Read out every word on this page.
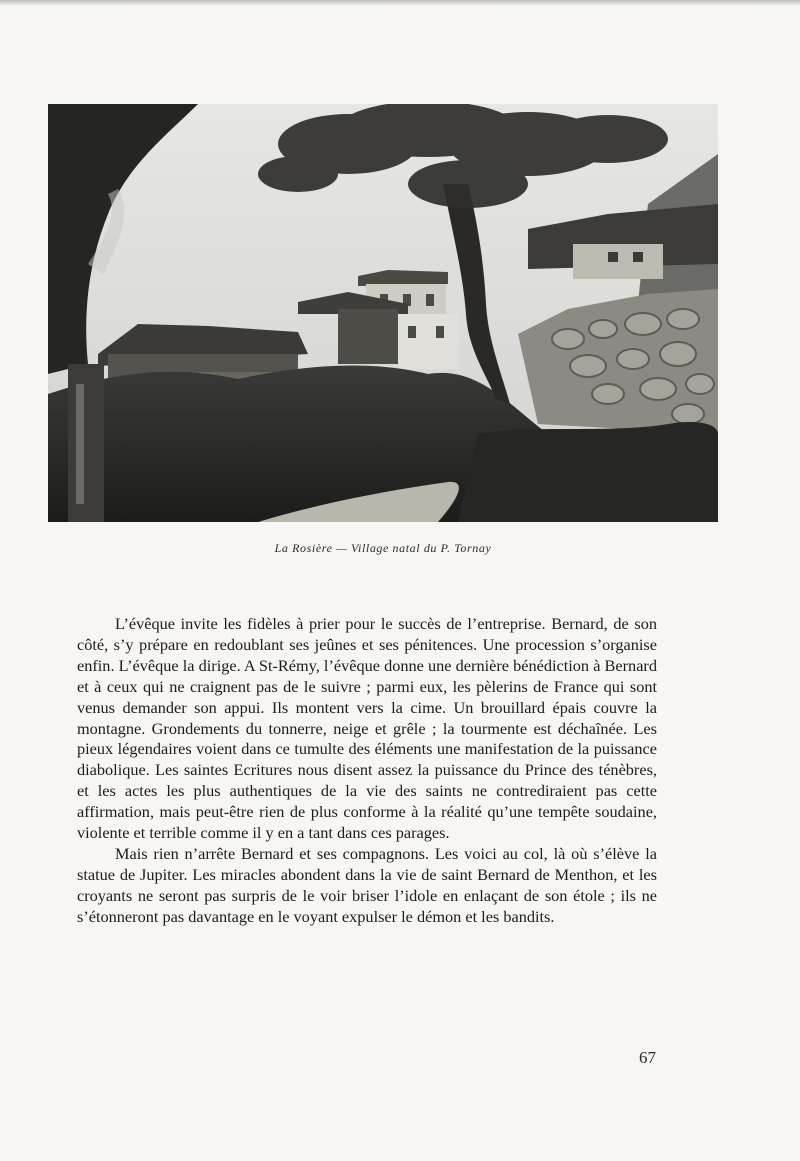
La Rosière — Village natal du P. Tornay

L’évêque invite les fidèles à prier pour le succès de l’entreprise. Bernard, de son côté, s’y prépare en redoublant ses jeûnes et ses pénitences. Une procession s’organise enfin. L’évêque la dirige. A St-Rémy, l’évêque donne une dernière bénédiction à Bernard et à ceux qui ne craignent pas de le suivre ; parmi eux, les pèlerins de France qui sont venus demander son appui. Ils montent vers la cime. Un brouillard épais couvre la montagne. Grondements du tonnerre, neige et grêle ; la tourmente est déchaînée. Les pieux légendaires voient dans ce tumulte des éléments une manifestation de la puissance diabolique. Les saintes Ecritures nous disent assez la puissance du Prince des ténèbres, et les actes les plus authentiques de la vie des saints ne contrediraient pas cette affirmation, mais peut-être rien de plus conforme à la réalité qu’une tempête soudaine, violente et terrible comme il y en a tant dans ces parages.

Mais rien n’arrête Bernard et ses compagnons. Les voici au col, là où s’élève la statue de Jupiter. Les miracles abondent dans la vie de saint Bernard de Menthon, et les croyants ne seront pas surpris de le voir briser l’idole en enlaçant de son étole ; ils ne s’étonneront pas davantage en le voyant expulser le démon et les bandits.

67
